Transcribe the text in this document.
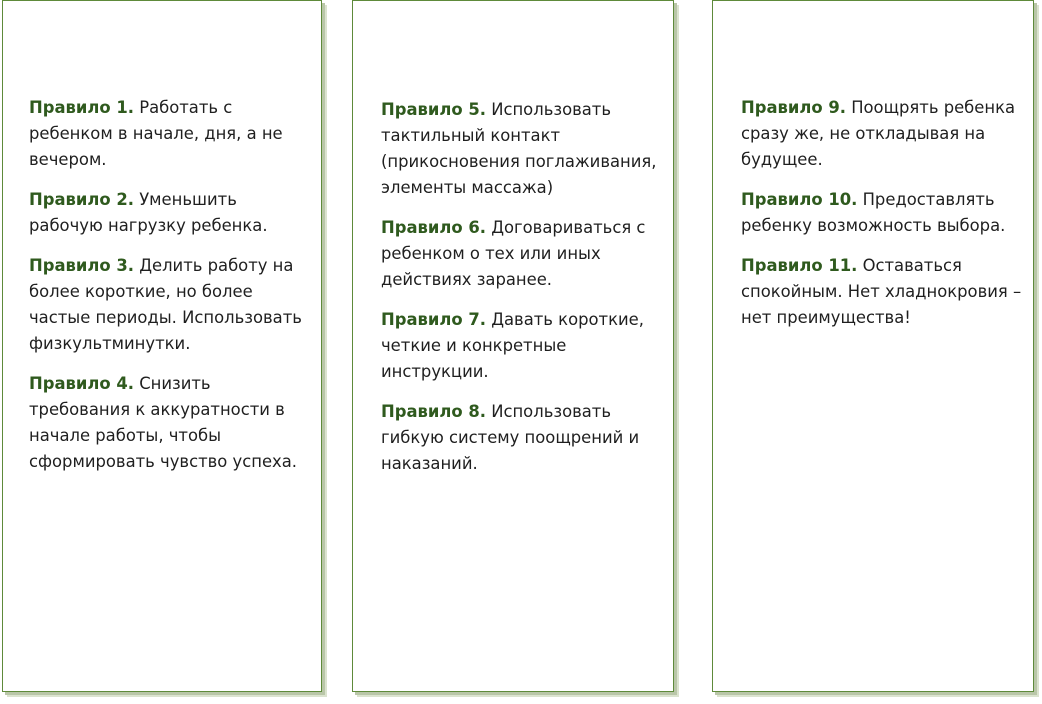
Правило 1. Работать с ребенком в начале, дня, а не вечером.
Правило 2. Уменьшить рабочую нагрузку ребенка.
Правило 3. Делить работу на более короткие, но более частые периоды. Использовать физкультминутки.
Правило 4. Снизить требования к аккуратности в начале работы, чтобы сформировать чувство успеха.
Правило 5. Использовать тактильный контакт (прикосновения поглаживания, элементы массажа)
Правило 6. Договариваться с ребенком о тех или иных действиях заранее.
Правило 7. Давать короткие, четкие и конкретные инструкции.
Правило 8. Использовать гибкую систему поощрений и наказаний.
Правило 9. Поощрять ребенка сразу же, не откладывая на будущее.
Правило 10. Предоставлять ребенку возможность выбора.
Правило 11. Оставаться спокойным. Нет хладнокровия – нет преимущества!
